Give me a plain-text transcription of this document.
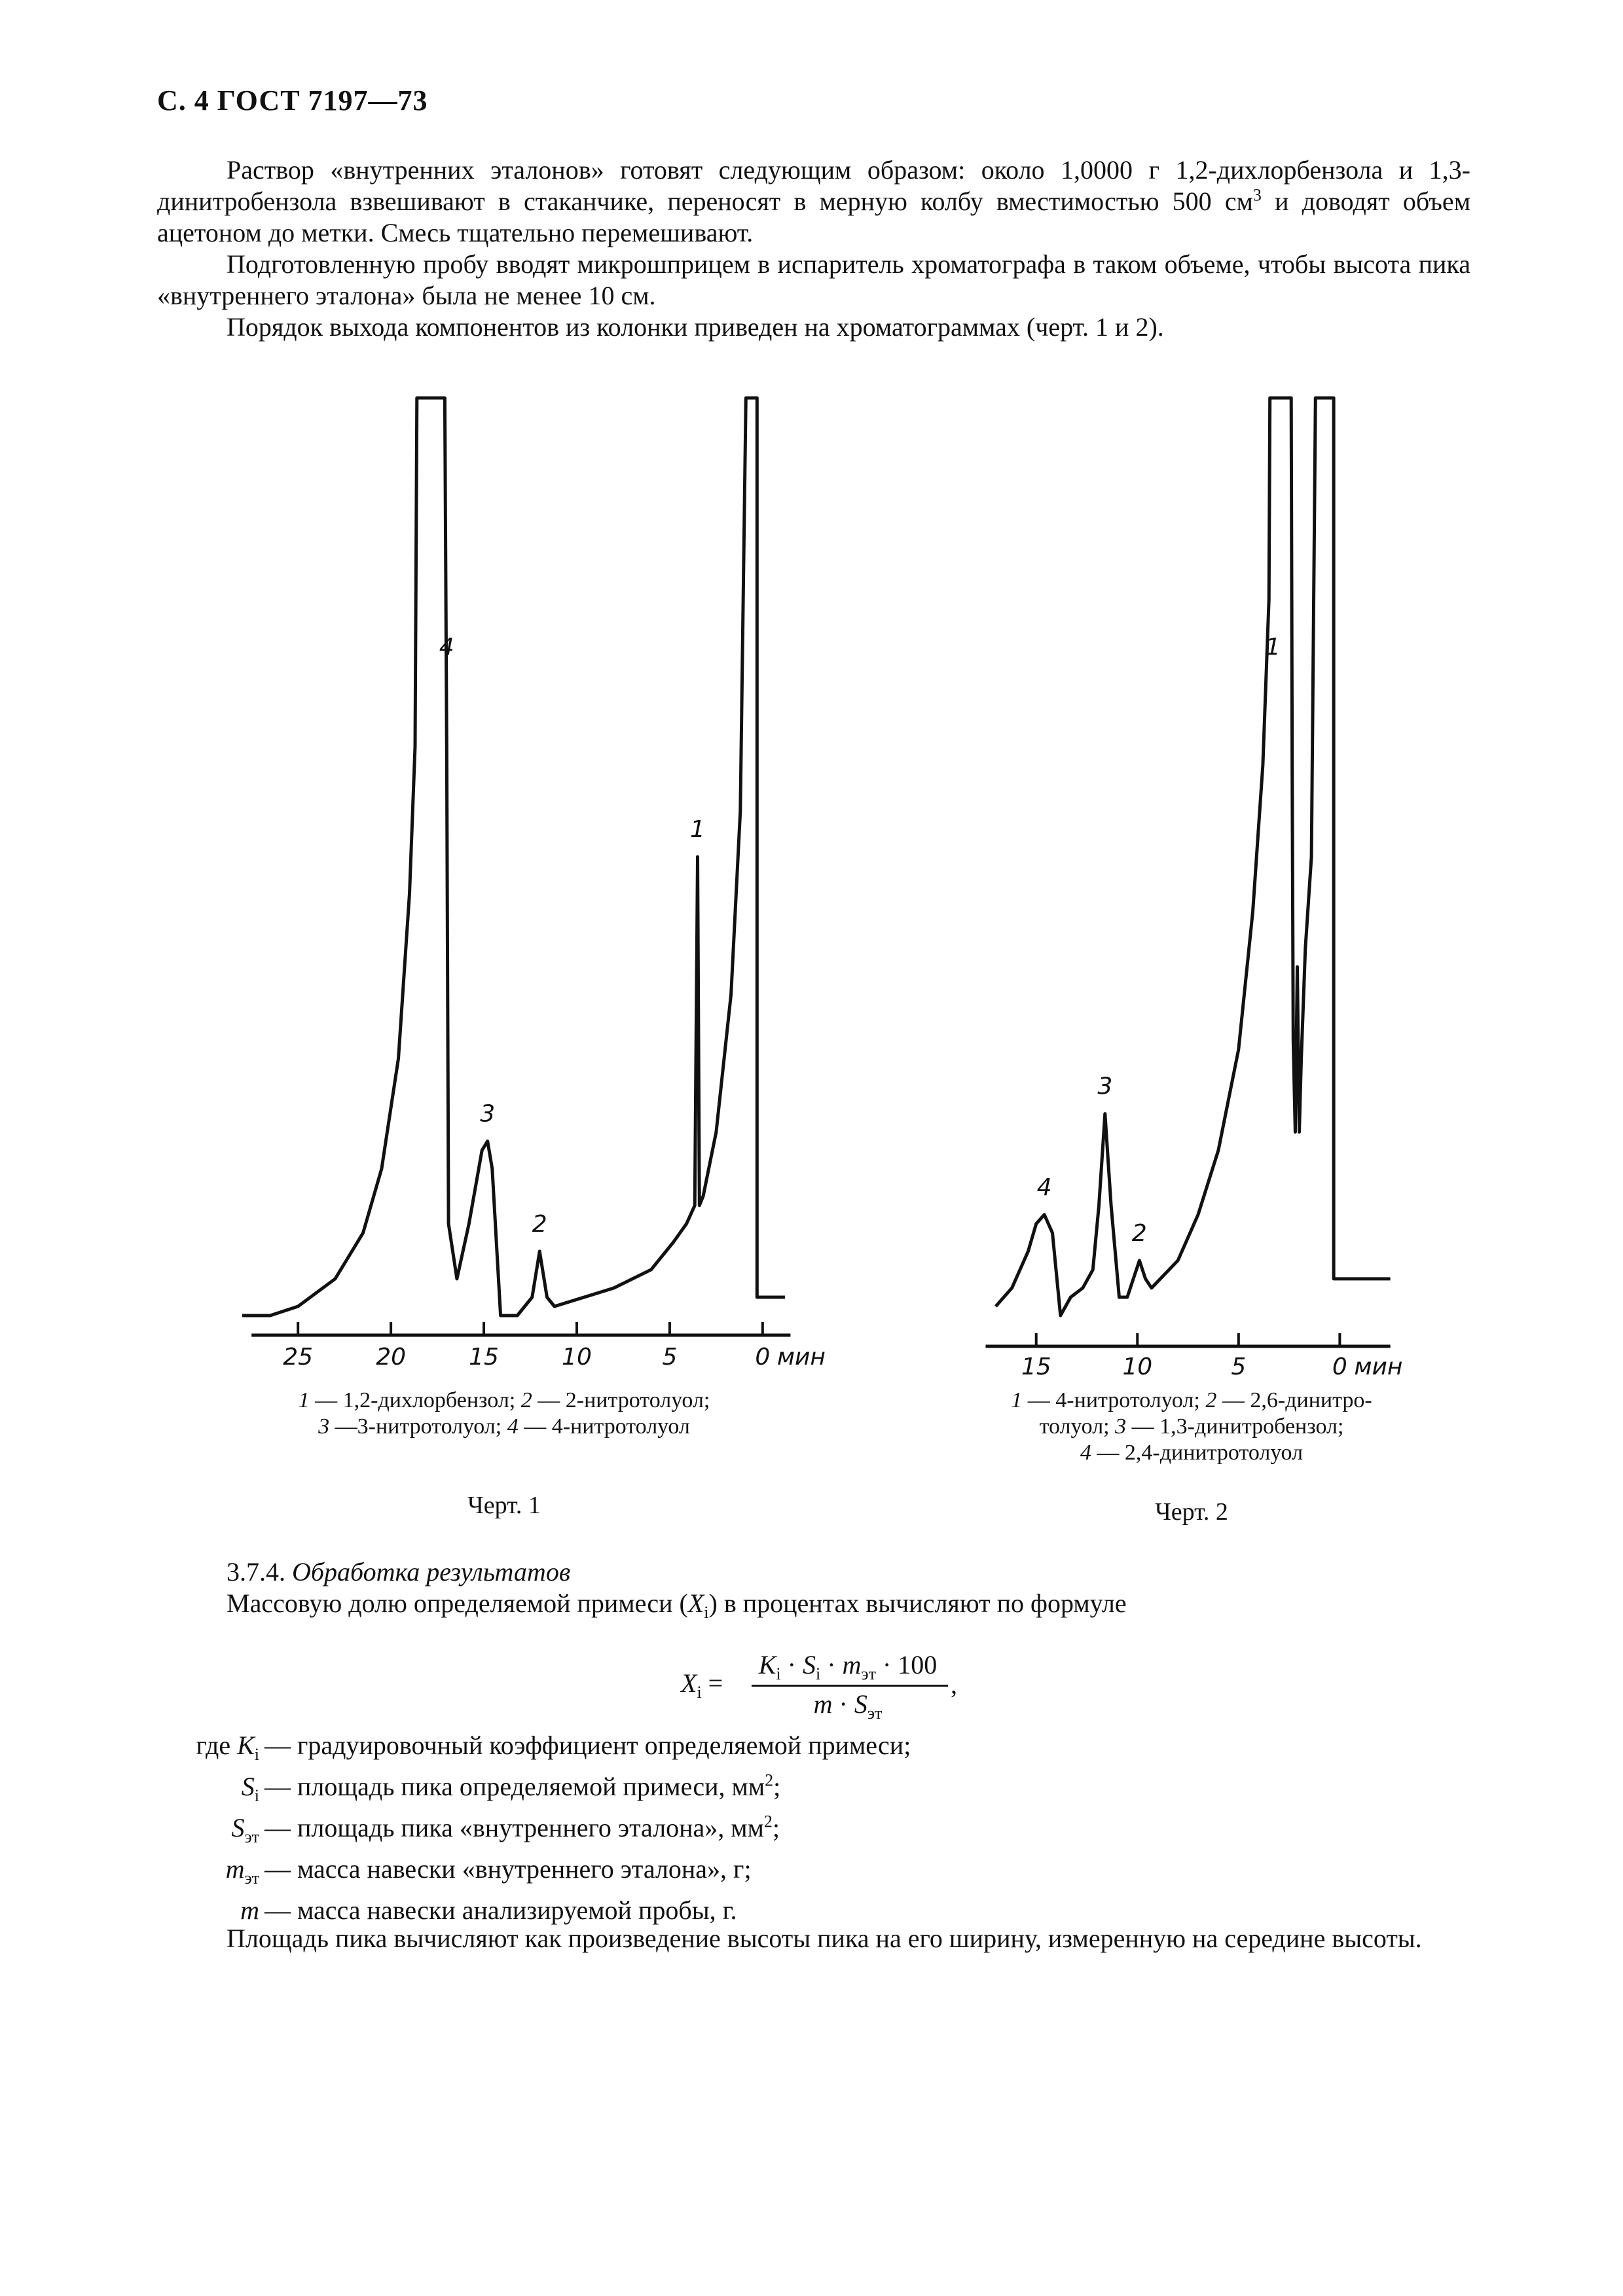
С. 4 ГОСТ 7197—73

Раствор «внутренних эталонов» готовят следующим образом: около 1,0000 г 1,2-дихлорбензола и 1,3-динитробензола взвешивают в стаканчике, переносят в мерную колбу вместимостью 500 $см^3$ и доводят объем ацетоном до метки. Смесь тщательно перемешивают.

Подготовленную пробу вводят микрошприцем в испаритель хроматографа в таком объеме, чтобы высота пика «внутреннего эталона» была не менее 10 см.

Порядок выхода компонентов из колонки приведен на хроматограммах (черт. 1 и 2).

4
3
2
1
25	20	15	10	5	0 мин
4
3
2
1
15	10	5	0 мин
1 — 1,2-дихлорбензол; 2 — 2-нитротолуол;
3 —3-нитротолуол; 4 — 4-нитротолуол
Черт. 1
1 — 4-нитротолуол; 2 — 2,6-динитро-
толуол; 3 — 1,3-динитробензол;
4 — 2,4-динитротолуол
Черт. 2
3.7.4. Обработка результатов
Массовую долю определяемой примеси $(X_i)$ в процентах вычисляют по формуле
$X_i$ =
$K_i \cdot S_i \cdot m_{эт} \cdot 100$
$m \cdot S_{эт}$
,
где $K_i$ — градуировочный коэффициент определяемой примеси;
$S_i$ — площадь пика определяемой примеси, $мм^2$;
$S_{эт}$ — площадь пика «внутреннего эталона», $мм^2$;
$m_{эт}$ — масса навески «внутреннего эталона», г;
m — масса навески анализируемой пробы, г.

Площадь пика вычисляют как произведение высоты пика на его ширину, измеренную на середине высоты.
